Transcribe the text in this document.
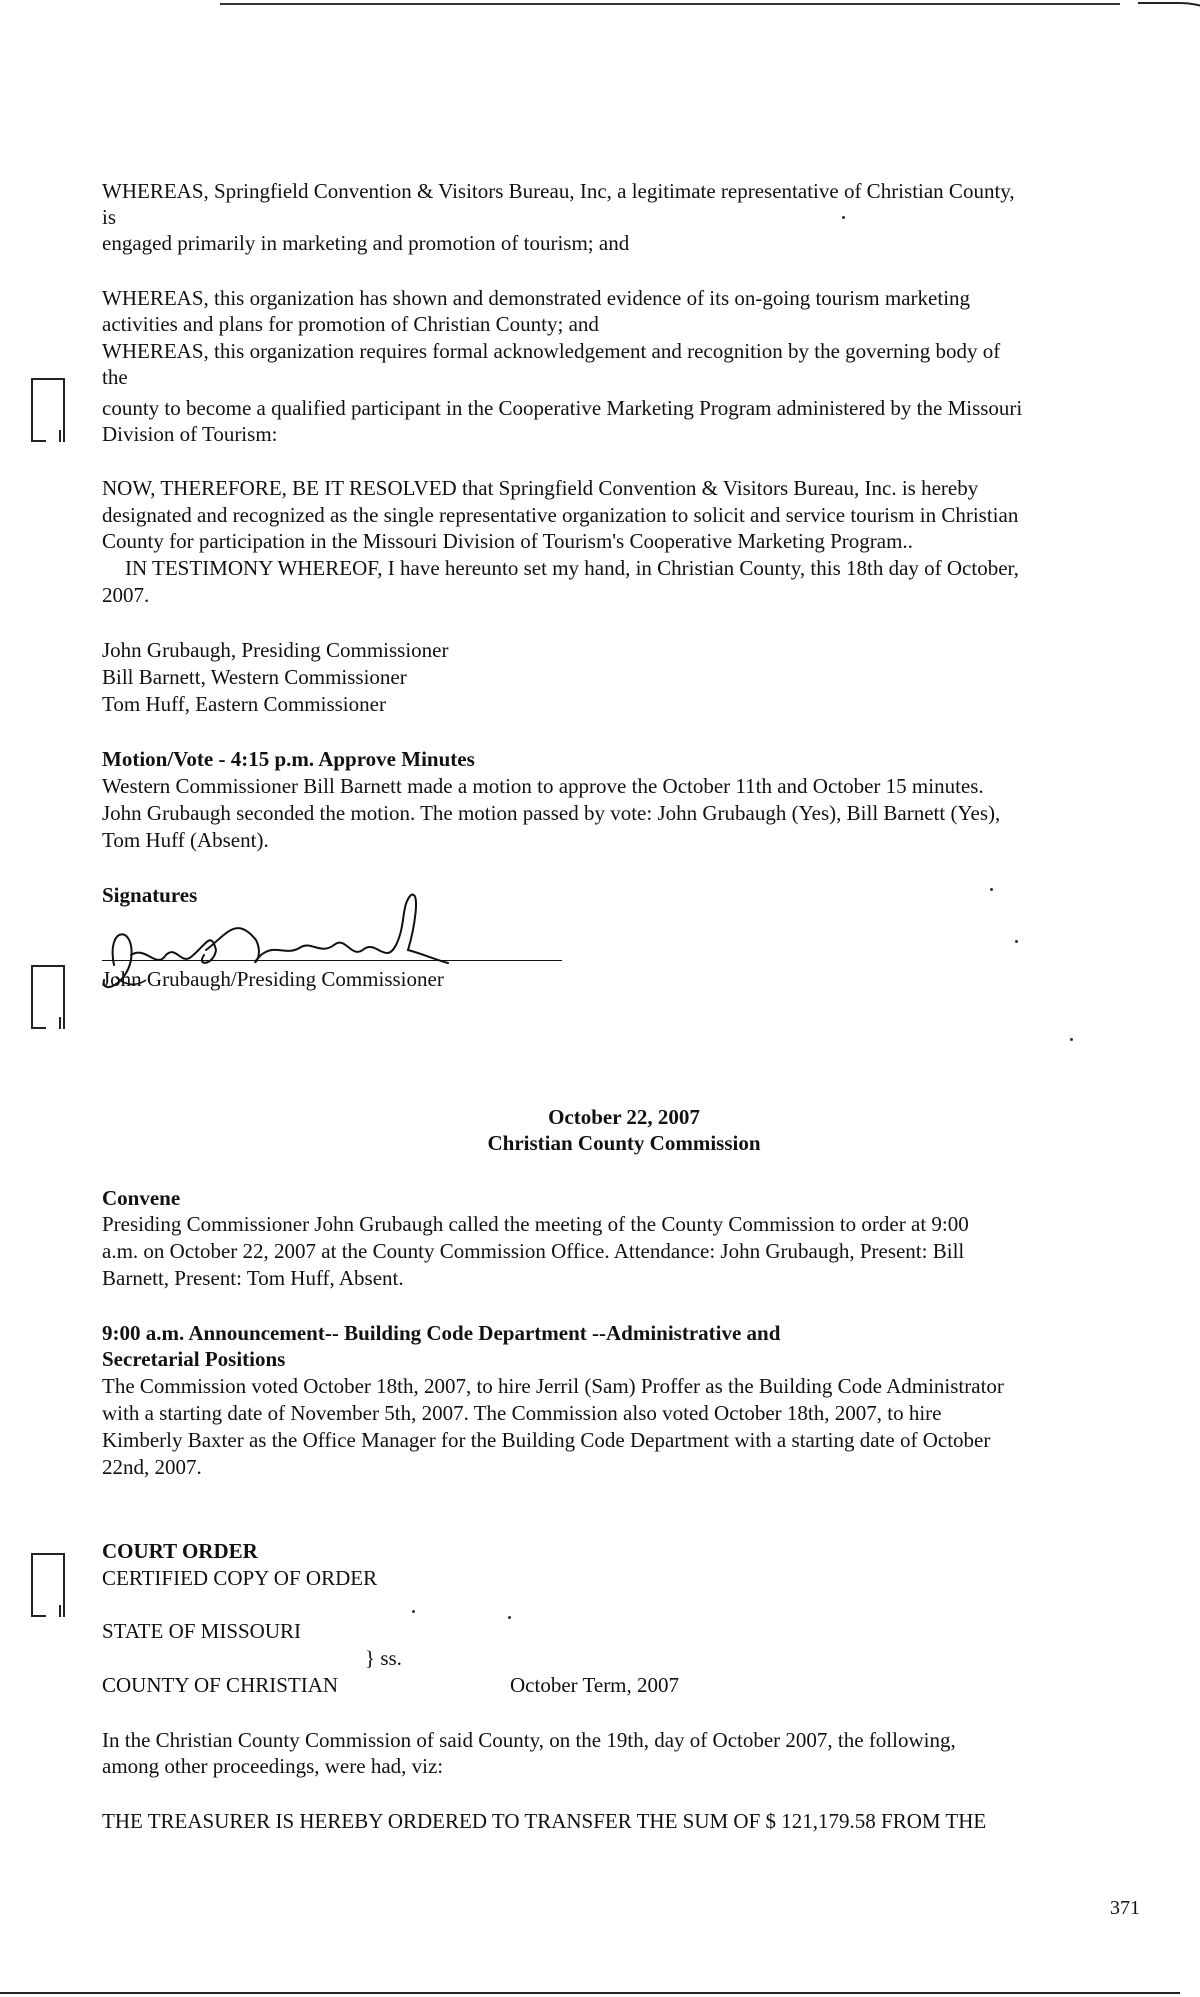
WHEREAS, Springfield Convention & Visitors Bureau, Inc, a legitimate representative of Christian County,
is
engaged primarily in marketing and promotion of tourism; and
WHEREAS, this organization has shown and demonstrated evidence of its on-going tourism marketing
activities and plans for promotion of Christian County; and
WHEREAS, this organization requires formal acknowledgement and recognition by the governing body of
the
county to become a qualified participant in the Cooperative Marketing Program administered by the Missouri
Division of Tourism:
NOW, THEREFORE, BE IT RESOLVED that Springfield Convention & Visitors Bureau, Inc. is hereby
designated and recognized as the single representative organization to solicit and service tourism in Christian
County for participation in the Missouri Division of Tourism's Cooperative Marketing Program..
IN TESTIMONY WHEREOF, I have hereunto set my hand, in Christian County, this 18th day of October,
2007.
John Grubaugh, Presiding Commissioner
Bill Barnett, Western Commissioner
Tom Huff, Eastern Commissioner
Motion/Vote - 4:15 p.m. Approve Minutes
Western Commissioner Bill Barnett made a motion to approve the October 11th and October 15 minutes.
John Grubaugh seconded the motion. The motion passed by vote: John Grubaugh (Yes), Bill Barnett (Yes),
Tom Huff (Absent).
Signatures
John Grubaugh/Presiding Commissioner
October 22, 2007
Christian County Commission
Convene
Presiding Commissioner John Grubaugh called the meeting of the County Commission to order at 9:00
a.m. on October 22, 2007 at the County Commission Office. Attendance: John Grubaugh, Present: Bill
Barnett, Present: Tom Huff, Absent.
9:00 a.m. Announcement-- Building Code Department --Administrative and
Secretarial Positions
The Commission voted October 18th, 2007, to hire Jerril (Sam) Proffer as the Building Code Administrator
with a starting date of November 5th, 2007. The Commission also voted October 18th, 2007, to hire
Kimberly Baxter as the Office Manager for the Building Code Department with a starting date of October
22nd, 2007.
COURT ORDER
CERTIFIED COPY OF ORDER
STATE OF MISSOURI
} ss.
COUNTY OF CHRISTIAN	October Term, 2007
In the Christian County Commission of said County, on the 19th, day of October 2007, the following,
among other proceedings, were had, viz:
THE TREASURER IS HEREBY ORDERED TO TRANSFER THE SUM OF $ 121,179.58 FROM THE
371
